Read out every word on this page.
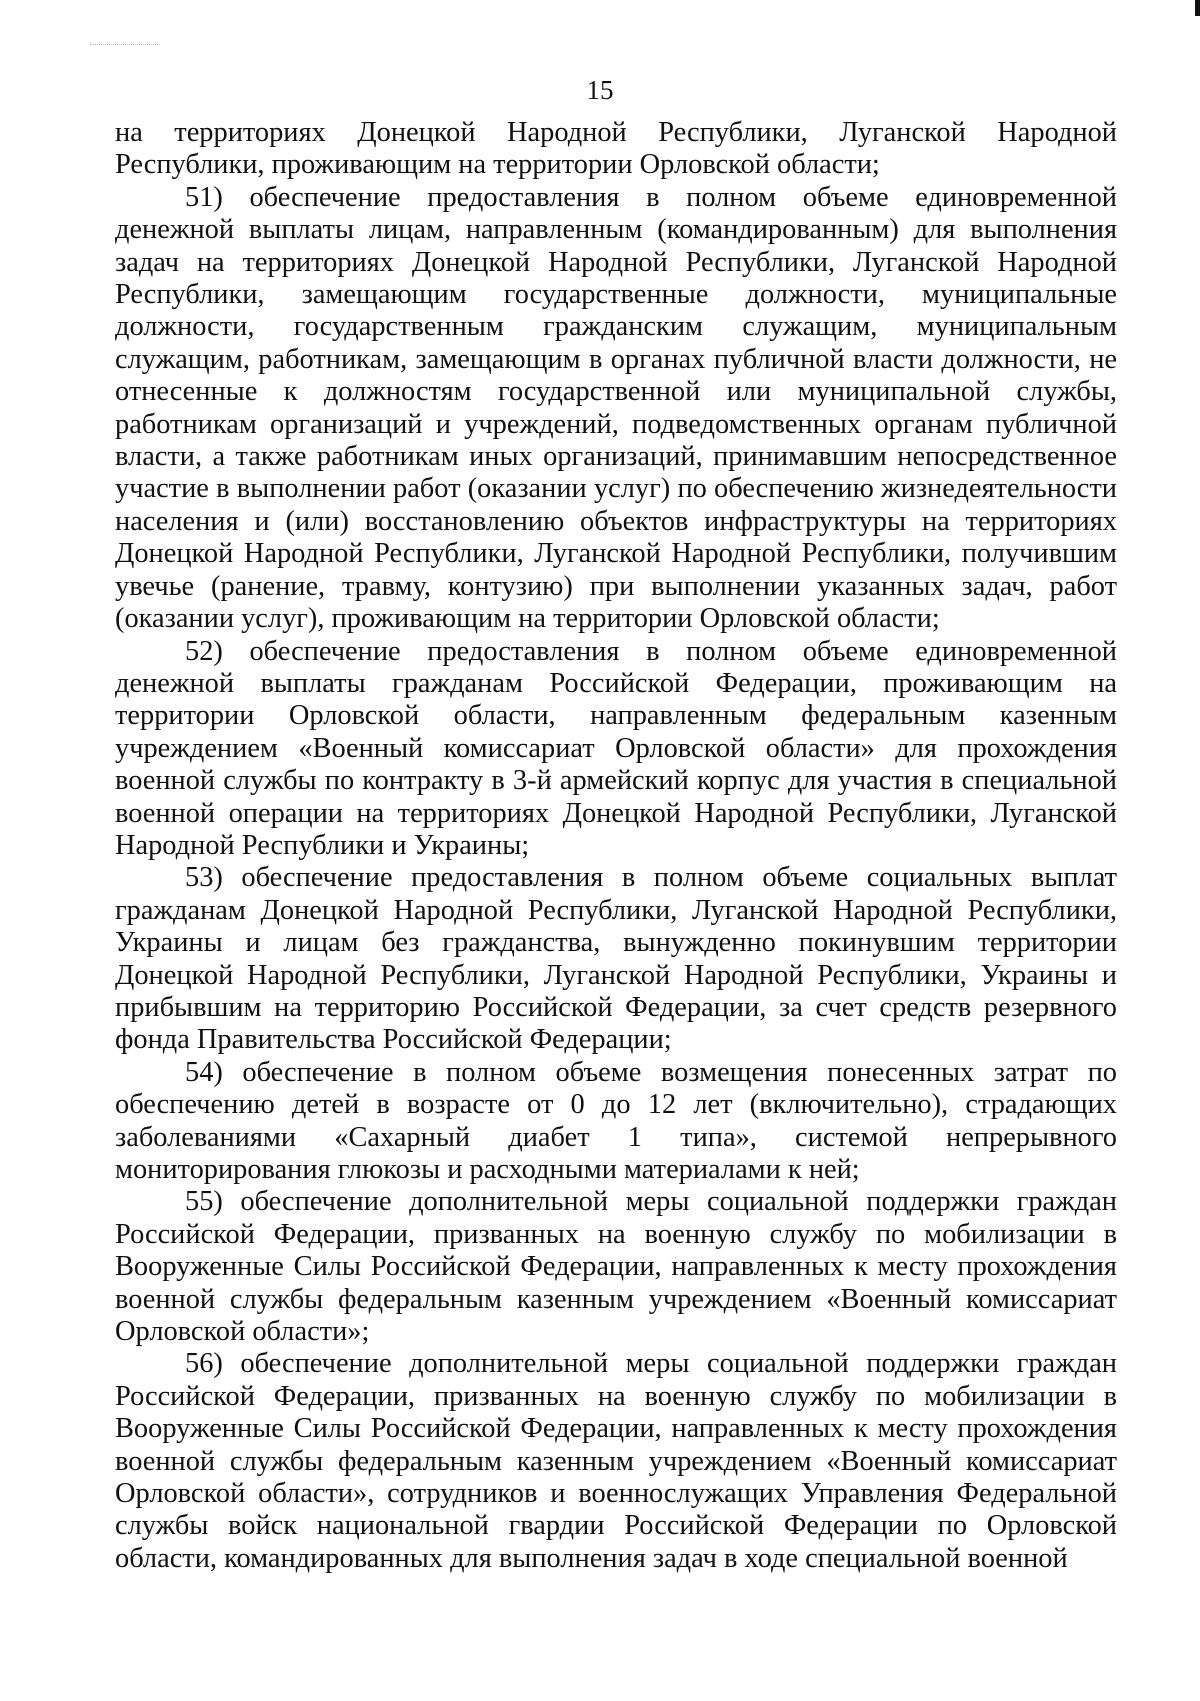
15

на территориях Донецкой Народной Республики, Луганской Народной Республики, проживающим на территории Орловской области;

51) обеспечение предоставления в полном объеме единовременной денежной выплаты лицам, направленным (командированным) для выполнения задач на территориях Донецкой Народной Республики, Луганской Народной Республики, замещающим государственные должности, муниципальные должности, государственным гражданским служащим, муниципальным служащим, работникам, замещающим в органах публичной власти должности, не отнесенные к должностям государственной или муниципальной службы, работникам организаций и учреждений, подведомственных органам публичной власти, а также работникам иных организаций, принимавшим непосредственное участие в выполнении работ (оказании услуг) по обеспечению жизнедеятельности населения и (или) восстановлению объектов инфраструктуры на территориях Донецкой Народной Республики, Луганской Народной Республики, получившим увечье (ранение, травму, контузию) при выполнении указанных задач, работ (оказании услуг), проживающим на территории Орловской области;

52) обеспечение предоставления в полном объеме единовременной денежной выплаты гражданам Российской Федерации, проживающим на территории Орловской области, направленным федеральным казенным учреждением «Военный комиссариат Орловской области» для прохождения военной службы по контракту в 3-й армейский корпус для участия в специальной военной операции на территориях Донецкой Народной Республики, Луганской Народной Республики и Украины;

53) обеспечение предоставления в полном объеме социальных выплат гражданам Донецкой Народной Республики, Луганской Народной Республики, Украины и лицам без гражданства, вынужденно покинувшим территории Донецкой Народной Республики, Луганской Народной Республики, Украины и прибывшим на территорию Российской Федерации, за счет средств резервного фонда Правительства Российской Федерации;

54) обеспечение в полном объеме возмещения понесенных затрат по обеспечению детей в возрасте от 0 до 12 лет (включительно), страдающих заболеваниями «Сахарный диабет 1 типа», системой непрерывного мониторирования глюкозы и расходными материалами к ней;

55) обеспечение дополнительной меры социальной поддержки граждан Российской Федерации, призванных на военную службу по мобилизации в Вооруженные Силы Российской Федерации, направленных к месту прохождения военной службы федеральным казенным учреждением «Военный комиссариат Орловской области»;

56) обеспечение дополнительной меры социальной поддержки граждан Российской Федерации, призванных на военную службу по мобилизации в Вооруженные Силы Российской Федерации, направленных к месту прохождения военной службы федеральным казенным учреждением «Военный комиссариат Орловской области», сотрудников и военнослужащих Управления Федеральной службы войск национальной гвардии Российской Федерации по Орловской области, командированных для выполнения задач в ходе специальной военной
